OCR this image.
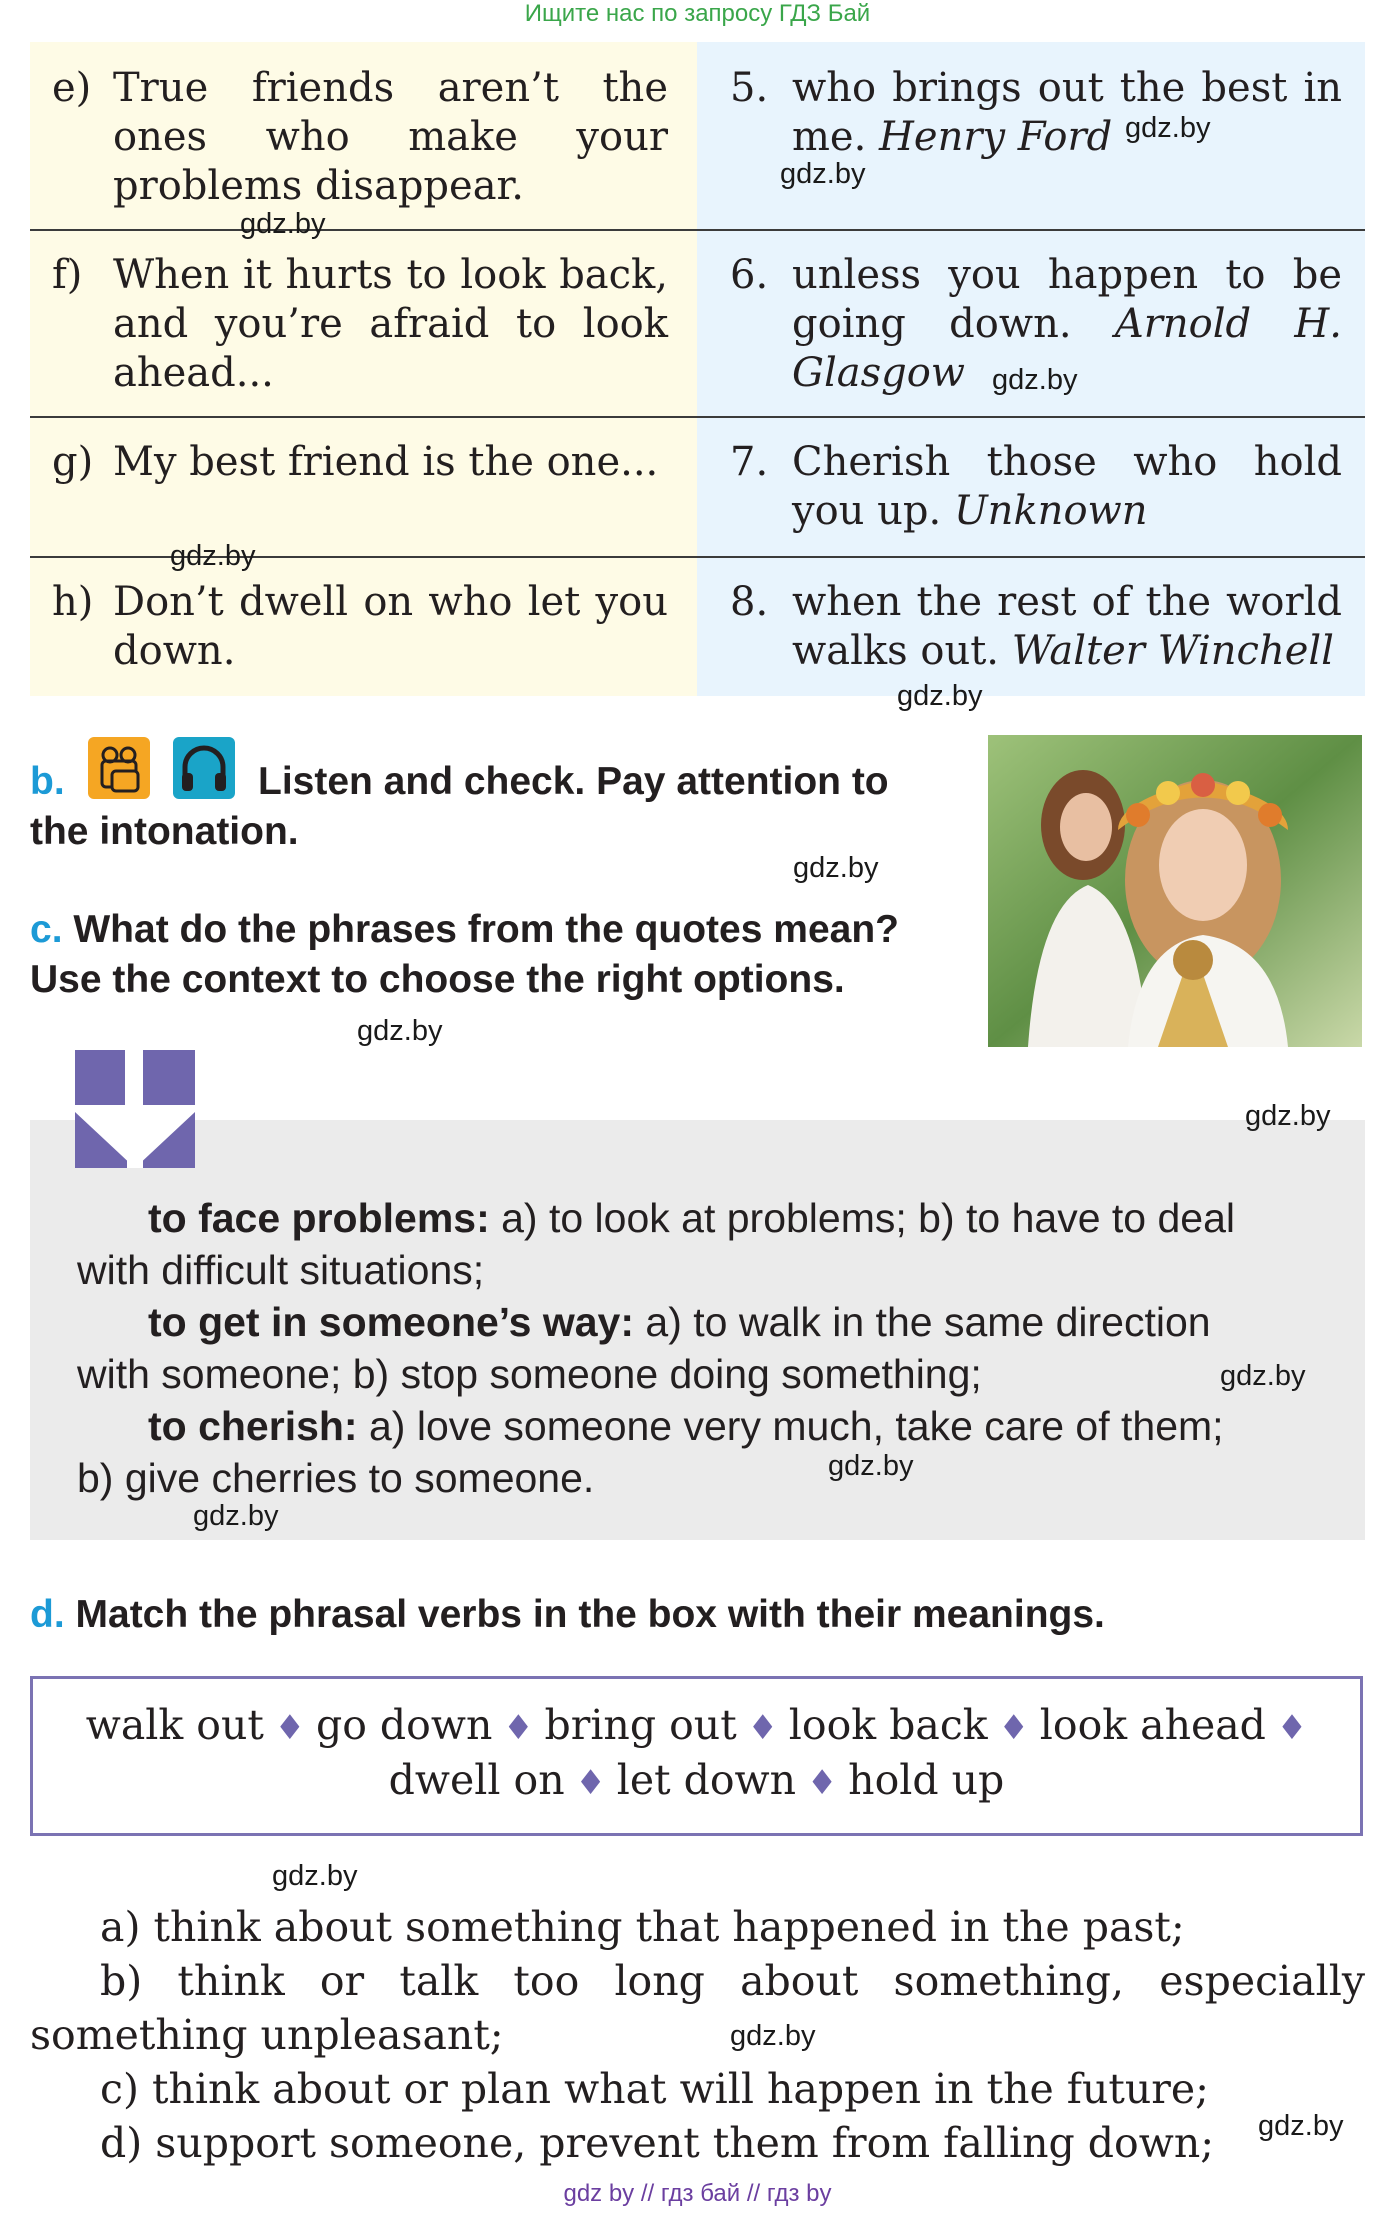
Ищите нас по запросу ГДЗ Бай
e) True friends aren’t the ones who make your problems disappear.
5. who brings out the best in me. Henry Ford
f) When it hurts to look back, and you’re afraid to look ahead...
6. unless you happen to be going down. Arnold H. Glasgow
g) My best friend is the one... 7. Cherish those who hold you up. Unknown
h) Don’t dwell on who let you down.
8. when the rest of the world walks out. Walter Winchell
gdz.by
gdz.by
gdz.by
gdz.by
gdz.by
gdz.by
b.	Listen and check. Pay attention to
the intonation.
gdz.by
c. What do the phrases from the quotes mean?
Use the context to choose the right options.
gdz.by
gdz.by
to face problems: a) to look at problems; b) to have to deal
with difficult situations;
to get in someone’s way: a) to walk in the same direction
with someone; b) stop someone doing something;
to cherish: a) love someone very much, take care of them;
b) give cherries to someone.
gdz.by
gdz.by
gdz.by
d. Match the phrasal verbs in the box with their meanings.
walk out ♦ go down ♦ bring out ♦ look back ♦ look ahead ♦
dwell on ♦ let down ♦ hold up
gdz.by
a) think about something that happened in the past;
b) think or talk too long about something, especially
something unpleasant;	gdz.by
c) think about or plan what will happen in the future;
d) support someone, prevent them from falling down; gdz.by
gdz by // гдз бай // гдз by
